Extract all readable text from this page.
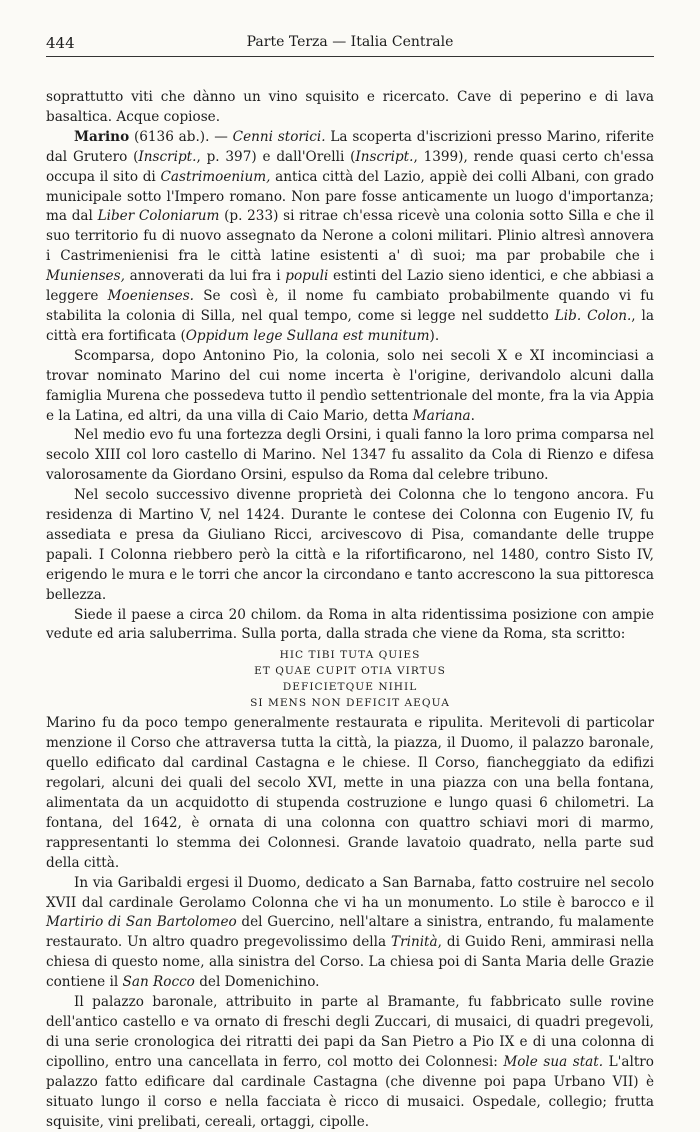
444	Parte Terza — Italia Centrale

soprattutto viti che dànno un vino squisito e ricercato. Cave di peperino e di lava basaltica. Acque copiose.

Marino (6136 ab.). — Cenni storici. La scoperta d'iscrizioni presso Marino, riferite dal Grutero (Inscript., p. 397) e dall'Orelli (Inscript., 1399), rende quasi certo ch'essa occupa il sito di Castrimoenium, antica città del Lazio, appiè dei colli Albani, con grado municipale sotto l'Impero romano. Non pare fosse anticamente un luogo d'importanza; ma dal Liber Coloniarum (p. 233) si ritrae ch'essa ricevè una colonia sotto Silla e che il suo territorio fu di nuovo assegnato da Nerone a coloni militari. Plinio altresì annovera i Castrimenienisi fra le città latine esistenti a' dì suoi; ma par probabile che i Munienses, annoverati da lui fra i populi estinti del Lazio sieno identici, e che abbiasi a leggere Moenienses. Se così è, il nome fu cambiato probabilmente quando vi fu stabilita la colonia di Silla, nel qual tempo, come si legge nel suddetto Lib. Colon., la città era fortificata (Oppidum lege Sullana est munitum).

Scomparsa, dopo Antonino Pio, la colonia, solo nei secoli X e XI incominciasi a trovar nominato Marino del cui nome incerta è l'origine, derivandolo alcuni dalla famiglia Murena che possedeva tutto il pendìo settentrionale del monte, fra la via Appia e la Latina, ed altri, da una villa di Caio Mario, detta Mariana.

Nel medio evo fu una fortezza degli Orsini, i quali fanno la loro prima comparsa nel secolo XIII col loro castello di Marino. Nel 1347 fu assalito da Cola di Rienzo e difesa valorosamente da Giordano Orsini, espulso da Roma dal celebre tribuno.

Nel secolo successivo divenne proprietà dei Colonna che lo tengono ancora. Fu residenza di Martino V, nel 1424. Durante le contese dei Colonna con Eugenio IV, fu assediata e presa da Giuliano Ricci, arcivescovo di Pisa, comandante delle truppe papali. I Colonna riebbero però la città e la rifortificarono, nel 1480, contro Sisto IV, erigendo le mura e le torri che ancor la circondano e tanto accrescono la sua pittoresca bellezza.

Siede il paese a circa 20 chilom. da Roma in alta ridentissima posizione con ampie vedute ed aria saluberrima. Sulla porta, dalla strada che viene da Roma, sta scritto:

HIC TIBI TUTA QUIES
ET QUAE CUPIT OTIA VIRTUS
DEFICIETQUE NIHIL
SI MENS NON DEFICIT AEQUA

Marino fu da poco tempo generalmente restaurata e ripulita. Meritevoli di particolar menzione il Corso che attraversa tutta la città, la piazza, il Duomo, il palazzo baronale, quello edificato dal cardinal Castagna e le chiese. Il Corso, fiancheggiato da edifizi regolari, alcuni dei quali del secolo XVI, mette in una piazza con una bella fontana, alimentata da un acquidotto di stupenda costruzione e lungo quasi 6 chilometri. La fontana, del 1642, è ornata di una colonna con quattro schiavi mori di marmo, rappresentanti lo stemma dei Colonnesi. Grande lavatoio quadrato, nella parte sud della città.

In via Garibaldi ergesi il Duomo, dedicato a San Barnaba, fatto costruire nel secolo XVII dal cardinale Gerolamo Colonna che vi ha un monumento. Lo stile è barocco e il Martirio di San Bartolomeo del Guercino, nell'altare a sinistra, entrando, fu malamente restaurato. Un altro quadro pregevolissimo della Trinità, di Guido Reni, ammirasi nella chiesa di questo nome, alla sinistra del Corso. La chiesa poi di Santa Maria delle Grazie contiene il San Rocco del Domenichino.

Il palazzo baronale, attribuito in parte al Bramante, fu fabbricato sulle rovine dell'antico castello e va ornato di freschi degli Zuccari, di musaici, di quadri pregevoli, di una serie cronologica dei ritratti dei papi da San Pietro a Pio IX e di una colonna di cipollino, entro una cancellata in ferro, col motto dei Colonnesi: Mole sua stat. L'altro palazzo fatto edificare dal cardinale Castagna (che divenne poi papa Urbano VII) è situato lungo il corso e nella facciata è ricco di musaici. Ospedale, collegio; frutta squisite, vini prelibati, cereali, ortaggi, cipolle.
